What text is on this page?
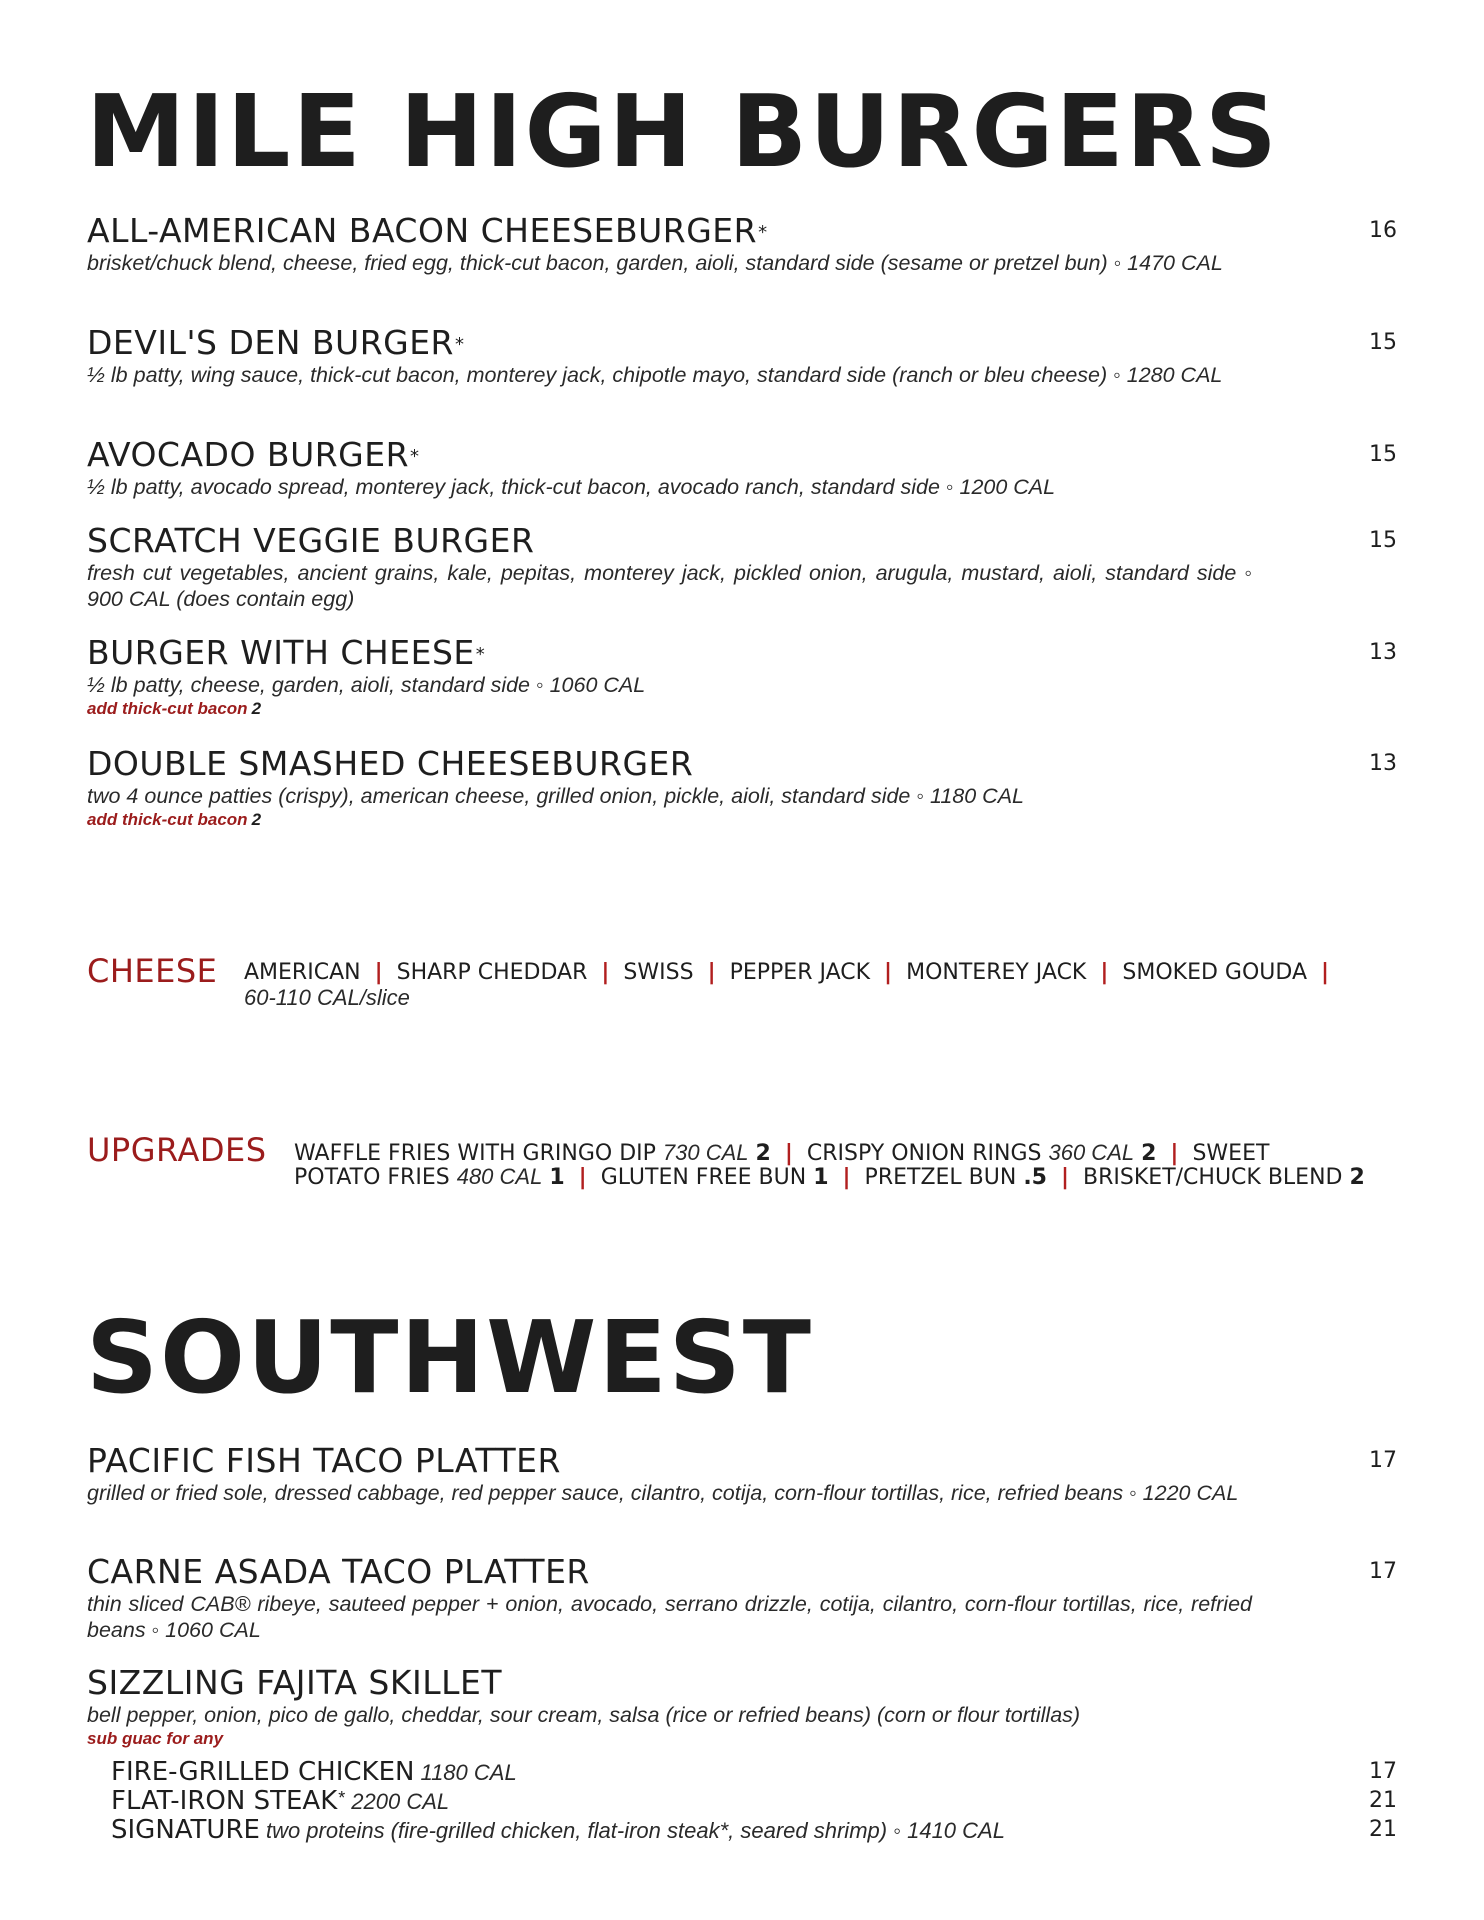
MILE HIGH BURGERS
ALL-AMERICAN BACON CHEESEBURGER*	16
brisket/chuck blend, cheese, fried egg, thick-cut bacon, garden, aioli, standard side (sesame or pretzel bun) ◦ 1470 CAL
DEVIL'S DEN BURGER*	15
½ lb patty, wing sauce, thick-cut bacon, monterey jack, chipotle mayo, standard side (ranch or bleu cheese) ◦ 1280 CAL
AVOCADO BURGER*	15
½ lb patty, avocado spread, monterey jack, thick-cut bacon, avocado ranch, standard side ◦ 1200 CAL
SCRATCH VEGGIE BURGER	15
fresh cut vegetables, ancient grains, kale, pepitas, monterey jack, pickled onion, arugula, mustard, aioli, standard side ◦ 900 CAL (does contain egg)
BURGER WITH CHEESE*	13
½ lb patty, cheese, garden, aioli, standard side ◦ 1060 CAL
add thick-cut bacon 2
DOUBLE SMASHED CHEESEBURGER	13
two 4 ounce patties (crispy), american cheese, grilled onion, pickle, aioli, standard side ◦ 1180 CAL
add thick-cut bacon 2
CHEESE AMERICAN | SHARP CHEDDAR | SWISS | PEPPER JACK | MONTEREY JACK | SMOKED GOUDA |
60-110 CAL/slice
UPGRADES WAFFLE FRIES WITH GRINGO DIP 730 CAL 2 | CRISPY ONION RINGS 360 CAL 2 | SWEET
POTATO FRIES 480 CAL 1 | GLUTEN FREE BUN 1 | PRETZEL BUN .5 | BRISKET/CHUCK BLEND 2
SOUTHWEST
PACIFIC FISH TACO PLATTER	17
grilled or fried sole, dressed cabbage, red pepper sauce, cilantro, cotija, corn-flour tortillas, rice, refried beans ◦ 1220 CAL
CARNE ASADA TACO PLATTER	17
thin sliced CAB® ribeye, sauteed pepper + onion, avocado, serrano drizzle, cotija, cilantro, corn-flour tortillas, rice, refried beans ◦ 1060 CAL
SIZZLING FAJITA SKILLET
bell pepper, onion, pico de gallo, cheddar, sour cream, salsa (rice or refried beans) (corn or flour tortillas)
sub guac for any
FIRE-GRILLED CHICKEN 1180 CAL	17
FLAT-IRON STEAK* 2200 CAL	21
SIGNATURE two proteins (fire-grilled chicken, flat-iron steak*, seared shrimp) ◦ 1410 CAL	21
